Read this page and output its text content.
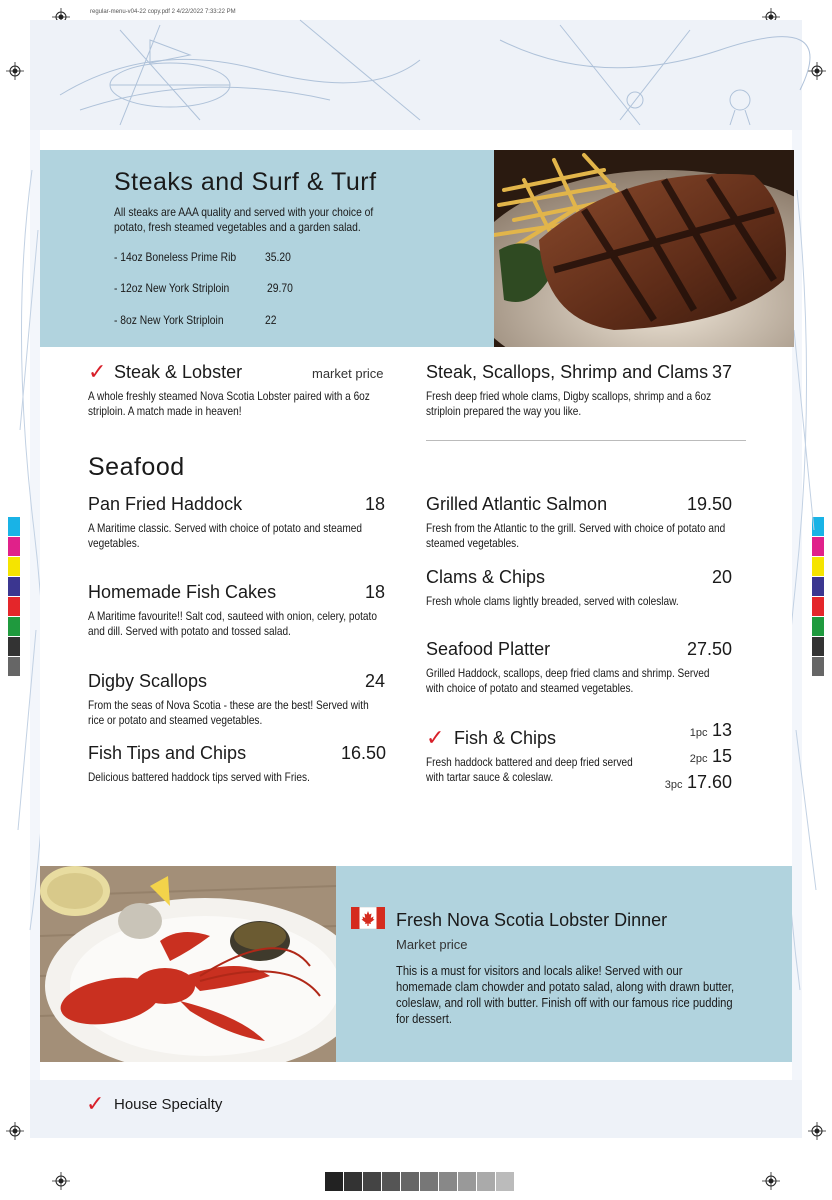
regular-menu-v04-22 copy.pdf 2 4/22/2022 7:33:22 PM
Steaks and Surf & Turf
All steaks are AAA quality and served with your choice of potato, fresh steamed vegetables and a garden salad.
- 14oz Boneless Prime Rib 35.20
- 12oz New York Striploin	29.70
- 8oz New York Striploin	22
✓ Steak & Lobster	market price
A whole freshly steamed Nova Scotia Lobster paired with a 6oz striploin. A match made in heaven!
Steak, Scallops, Shrimp and Clams 37
Fresh deep fried whole clams, Digby scallops, shrimp and a 6oz striploin prepared the way you like.
Seafood
Pan Fried Haddock	18
A Maritime classic. Served with choice of potato and steamed vegetables.
Homemade Fish Cakes	18
A Maritime favourite!! Salt cod, sauteed with onion, celery, potato and dill. Served with potato and tossed salad.
Digby Scallops	24
From the seas of Nova Scotia - these are the best! Served with rice or potato and steamed vegetables.
Fish Tips and Chips	16.50
Delicious battered haddock tips served with Fries.
Grilled Atlantic Salmon	19.50
Fresh from the Atlantic to the grill. Served with choice of potato and steamed vegetables.
Clams & Chips	20
Fresh whole clams lightly breaded, served with coleslaw.
Seafood Platter	27.50
Grilled Haddock, scallops, deep fried clams and shrimp. Served with choice of potato and steamed vegetables.
✓ Fish & Chips
Fresh haddock battered and deep fried served with tartar sauce & coleslaw.
1pc 13
2pc 15
3pc 17.60
Fresh Nova Scotia Lobster Dinner
Market price
This is a must for visitors and locals alike! Served with our homemade clam chowder and potato salad, along with drawn butter, coleslaw, and roll with butter. Finish off with our famous rice pudding for dessert.
✓ House Specialty
